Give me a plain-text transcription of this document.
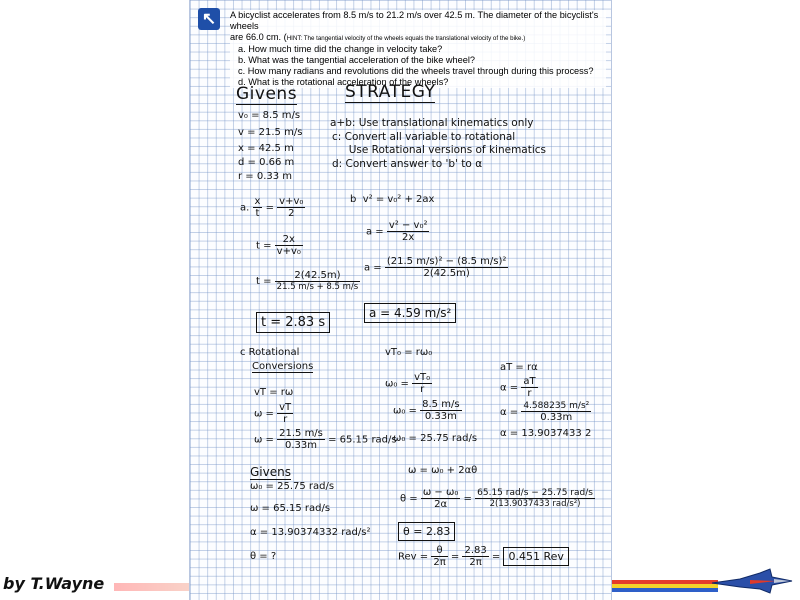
↖	A bicyclist accelerates from 8.5 m/s to 21.2 m/s over 42.5 m. The diameter of the bicyclist's wheels
are 66.0 cm. (HINT: The tangential velocity of the wheels equals the translational velocity of the bike.)
a. How much time did the change in velocity take?
b. What was the tangential acceleration of the bike wheel?
c. How many radians and revolutions did the wheels travel through during this process?
d. What is the rotational acceleration of the wheels?
Givens
v₀ = 8.5 m/s
v = 21.5 m/s
x = 42.5 m
d = 0.66 m
r = 0.33 m
STRATEGY
a+b: Use translational kinematics only
c: Convert all variable to rotational
Use Rotational versions of kinematics
d: Convert answer to 'b' to α
a. $\frac{x}{t} = \frac{\text{v+v₀}}{2}$
$t = \frac{2x}{\text{v+v₀}}$
$t = \frac{2(42.5m)}{21.5 m/s + 8.5 m/s}$
t = 2.83 s
b v² = v₀² + 2ax
$a = \frac{\text{v² − v₀²}}{2x}$
$a = \frac{\text{(21.5 m/s)² − (8.5 m/s)²}}{2(42.5m)}$
a = 4.59 m/s²
c Rotational
Conversions
vT = rω
$\omega = \frac{vT}{r}$
$\omega = \frac{21.5 m/s}{0.33m} = 65.15$ rad/s
vT₀ = rω₀
$\omega_0 = \frac{\text{vT₀}}{r}$
$\omega_0 = \frac{8.5 m/s}{0.33m}$
ω₀ = 25.75 rad/s
aT = rα
$\alpha = \frac{aT}{r}$
$\alpha = \frac{\text{4.588235 m/s²}}{0.33m}$
α = 13.9037433 2
Givens
ω₀ = 25.75 rad/s
ω = 65.15 rad/s
α = 13.90374332 rad/s²
θ = ?
ω = ω₀ + 2αθ
$\theta = \frac{\text{ω − ω₀}}{2\alpha} = \frac{\text{65.15 rad/s − 25.75 rad/s}}{\text{2(13.9037433 rad/s²)}}$
θ = 2.83
Rev = $\frac{\theta}{2\pi} = \frac{2.83}{2\pi} = 0.451$ Rev
by T.Wayne
